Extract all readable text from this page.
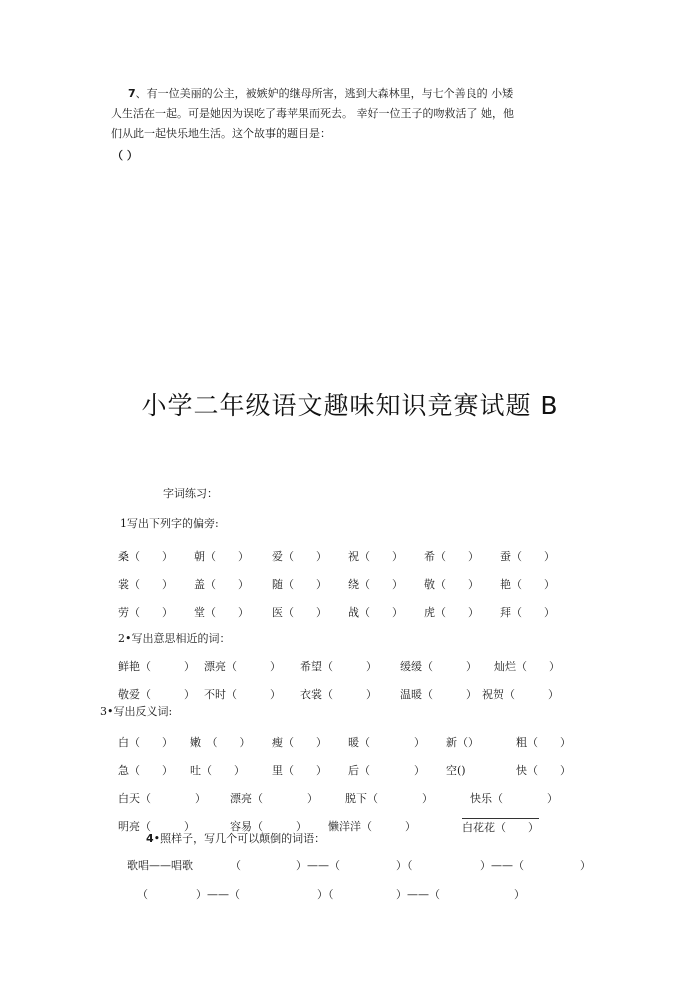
7、有一位美丽的公主，被嫉妒的继母所害，逃到大森林里，与七个善良的 小矮
人生活在一起。可是她因为误吃了毒苹果而死去。 幸好一位王子的吻救活了 她，他
们从此一起快乐地生活。这个故事的题目是：
（ ）
小学二年级语文趣味知识竞赛试题 B
字词练习：
1写出下列字的偏旁:
桑（　　） 朝（　　） 爱（　　） 祝（　　） 希（　　） 蚕（　　）
裳（　　） 盖（　　） 随（　　） 绕（　　） 敬（　　） 艳（　　）
劳（　　） 堂（　　） 医（　　） 战（　　） 虎（　　） 拜（　　）
2•写出意思相近的词：
鲜艳（　　　） 漂亮（　　　） 希望（　　　） 缓缓（　　　） 灿烂（　　）
敬爱（　　　） 不时（　　　） 衣裳（　　　） 温暖（　　　） 祝贺（　　　）
3•写出反义词:
白（　　） 嫩　（　　） 瘦（　　） 暖（　　　　） 新（）	粗（　　）
急（　　） 吐（　　） 里（　　） 后（　　　　） 空()	快（　　）
白天（　　　　） 漂亮（　　　　） 脱下（　　　　）	快乐（　　　　）
明亮（　　　）	容易（　　　） 懒洋洋（　　　）	白花花（　　）
4•照样子，写几个可以颠倒的词语：
歌唱——唱歌	（　　　　　）——（	）（	）——（	）
（	）——（	）（	）——（	）
